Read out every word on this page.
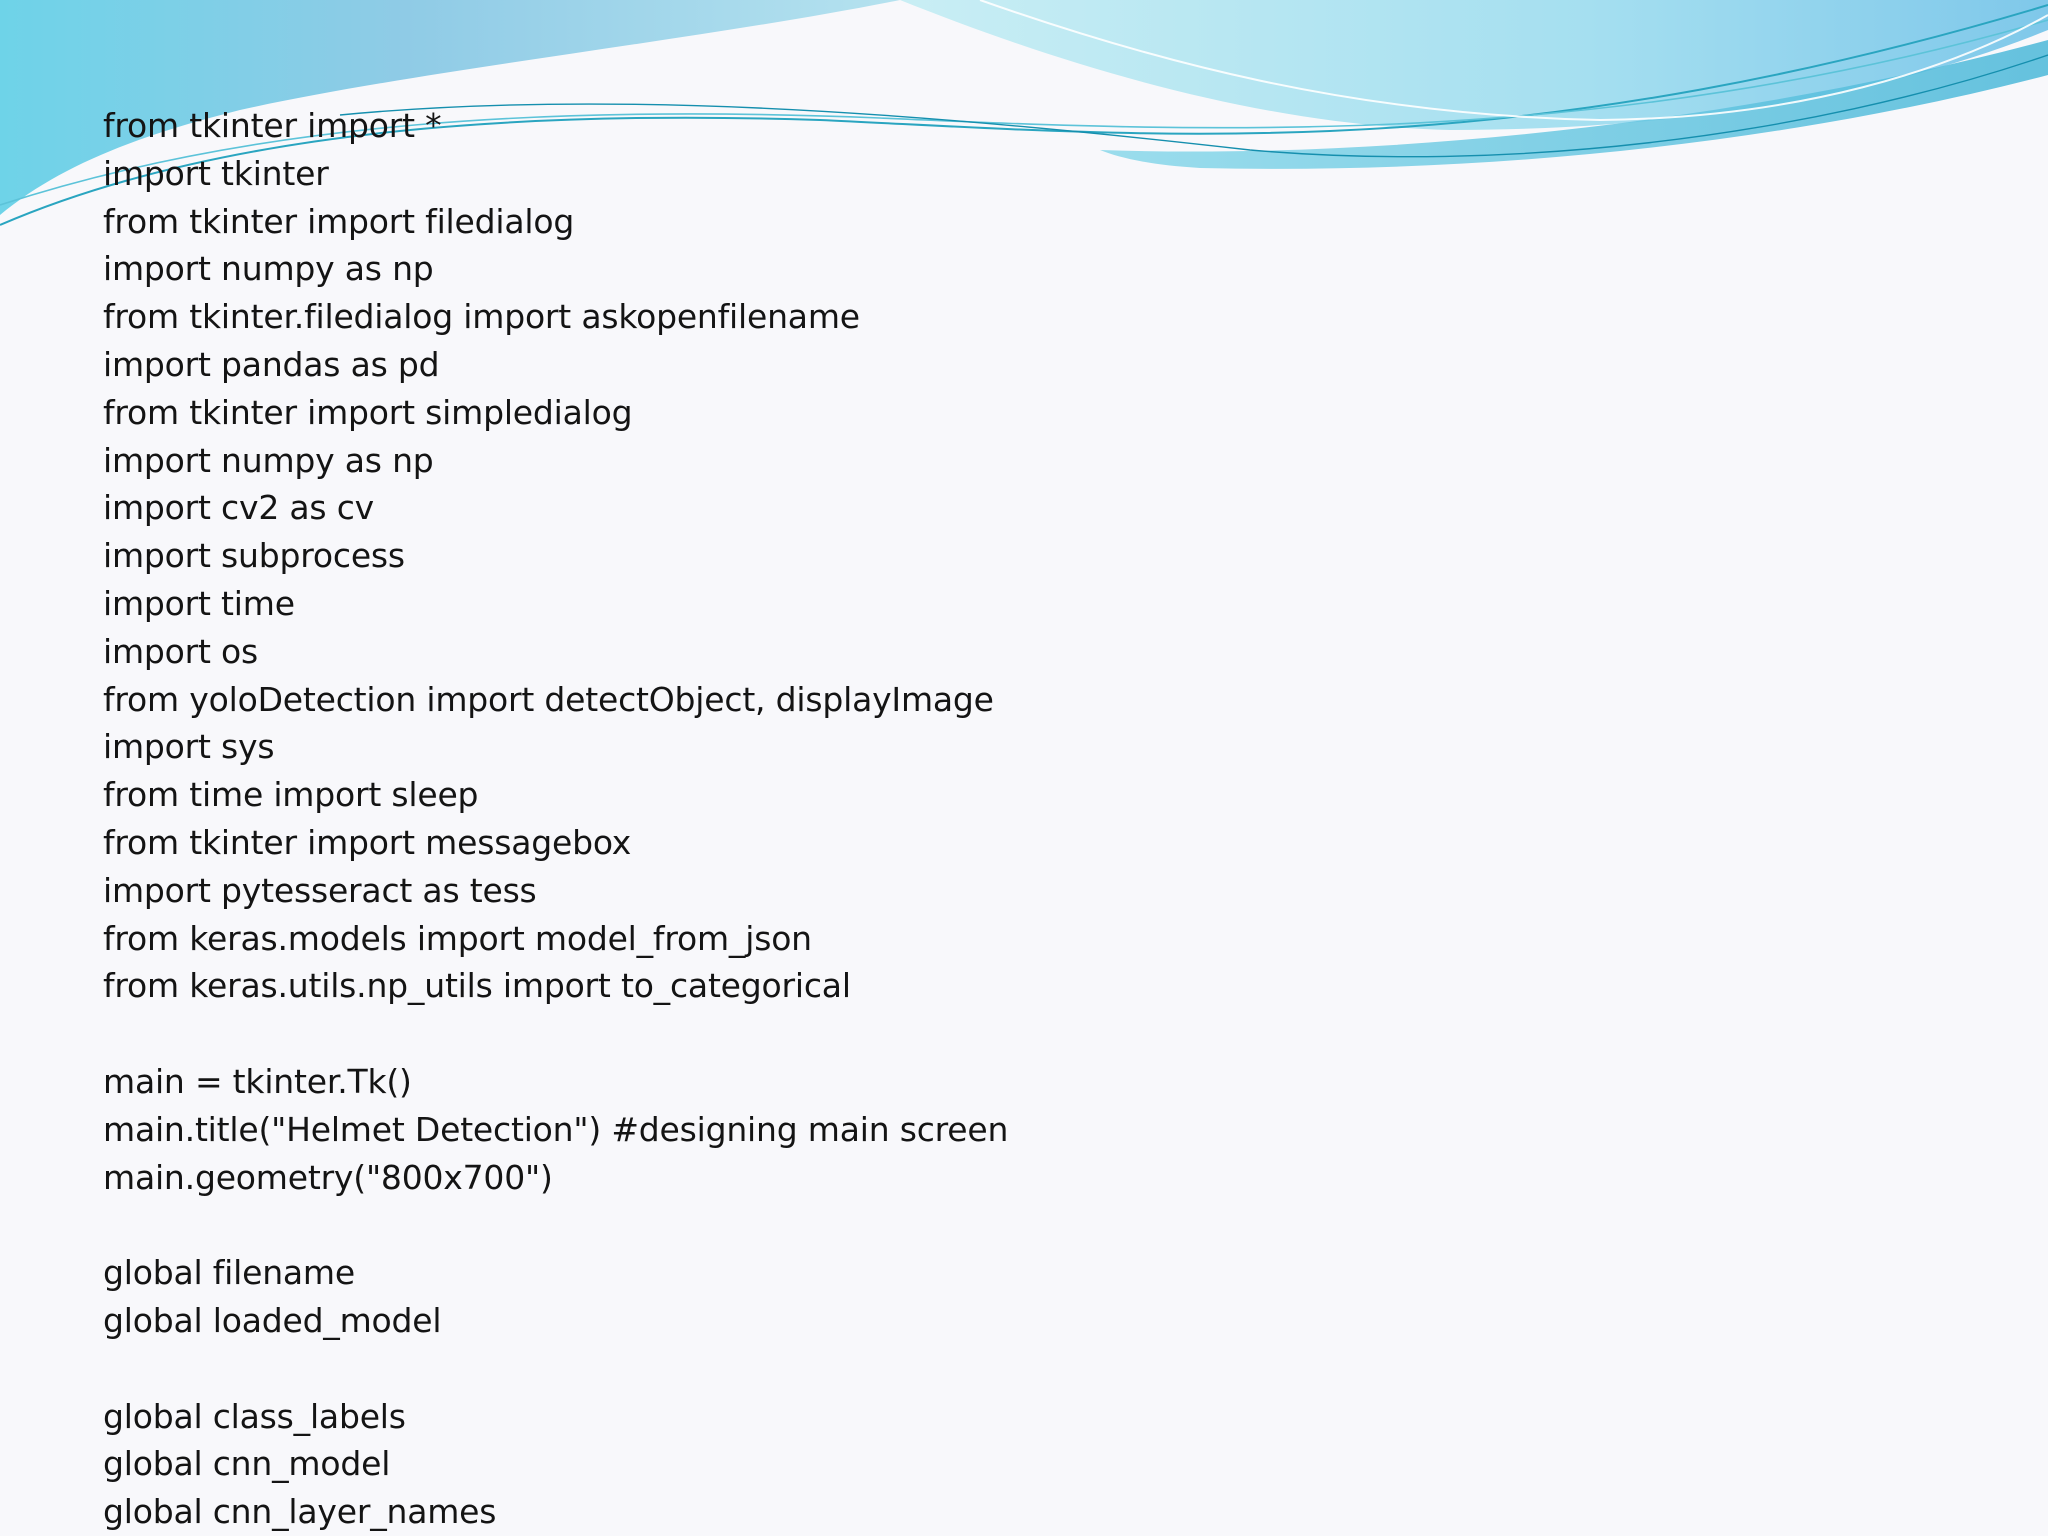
from tkinter import *
import tkinter
from tkinter import filedialog
import numpy as np
from tkinter.filedialog import askopenfilename
import pandas as pd
from tkinter import simpledialog
import numpy as np
import cv2 as cv
import subprocess
import time
import os
from yoloDetection import detectObject, displayImage
import sys
from time import sleep
from tkinter import messagebox
import pytesseract as tess
from keras.models import model_from_json
from keras.utils.np_utils import to_categorical
main = tkinter.Tk()
main.title("Helmet Detection") #designing main screen
main.geometry("800x700")
global filename
global loaded_model
global class_labels
global cnn_model
global cnn_layer_names
